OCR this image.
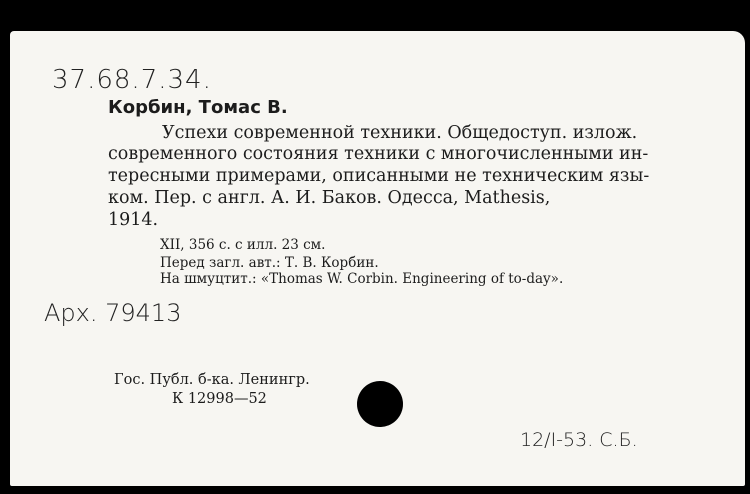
37.68.7.34.
Корбин, Томас В.
Успехи современной техники. Общедоступ. излож.
современного состояния техники с многочисленными ин-
тересными примерами, описанными не техническим язы-
ком. Пер. с англ. А. И. Баков. Одесса, Mathesis,
1914.
XII, 356 с. с илл. 23 см.
Перед загл. авт.: Т. В. Корбин.
На шмуцтит.: «Thomas W. Corbin. Engineering of to-day».
Арх. 79413
Гос. Публ. б-ка. Ленингр.
К 12998—52
12/I-53. С.Б.
